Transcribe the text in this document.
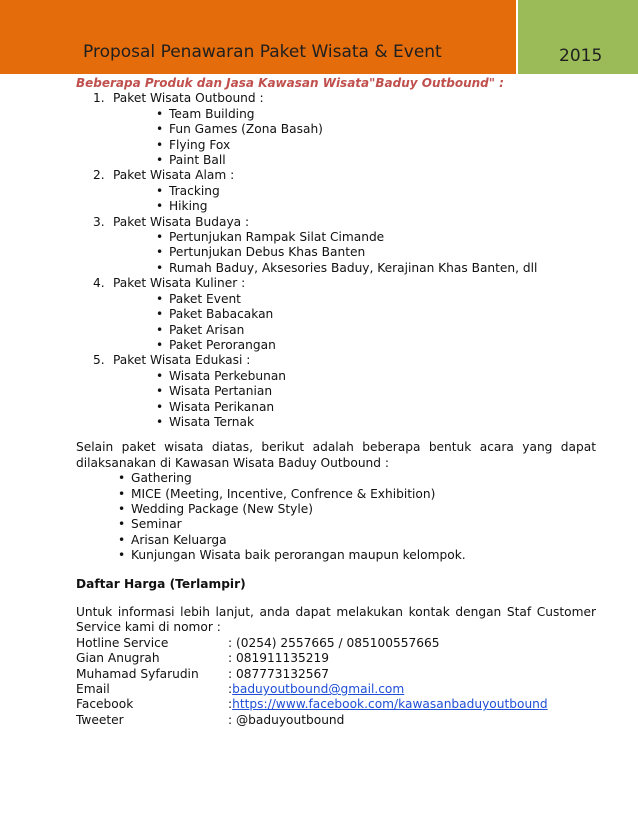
Proposal Penawaran Paket Wisata & Event	2015

Beberapa Produk dan Jasa Kawasan Wisata"Baduy Outbound" :

1. Paket Wisata Outbound :
• Team Building
• Fun Games (Zona Basah)
• Flying Fox
• Paint Ball
2. Paket Wisata Alam :
• Tracking
• Hiking
3. Paket Wisata Budaya :
• Pertunjukan Rampak Silat Cimande
• Pertunjukan Debus Khas Banten
• Rumah Baduy, Aksesories Baduy, Kerajinan Khas Banten, dll
4. Paket Wisata Kuliner :
• Paket Event
• Paket Babacakan
• Paket Arisan
• Paket Perorangan
5. Paket Wisata Edukasi :
• Wisata Perkebunan
• Wisata Pertanian
• Wisata Perikanan
• Wisata Ternak

Selain paket wisata diatas, berikut adalah beberapa bentuk acara yang dapat dilaksanakan di Kawasan Wisata Baduy Outbound :

• Gathering
• MICE (Meeting, Incentive, Confrence & Exhibition)
• Wedding Package (New Style)
• Seminar
• Arisan Keluarga
• Kunjungan Wisata baik perorangan maupun kelompok.

Daftar Harga (Terlampir)

Untuk informasi lebih lanjut, anda dapat melakukan kontak dengan Staf Customer Service kami di nomor :

Hotline Service	: (0254) 2557665 / 085100557665
Gian Anugrah	: 081911135219
Muhamad Syfarudin	: 087773132567
Email	: baduyoutbound@gmail.com
Facebook	: https://www.facebook.com/kawasanbaduyoutbound
Tweeter	: @baduyoutbound
